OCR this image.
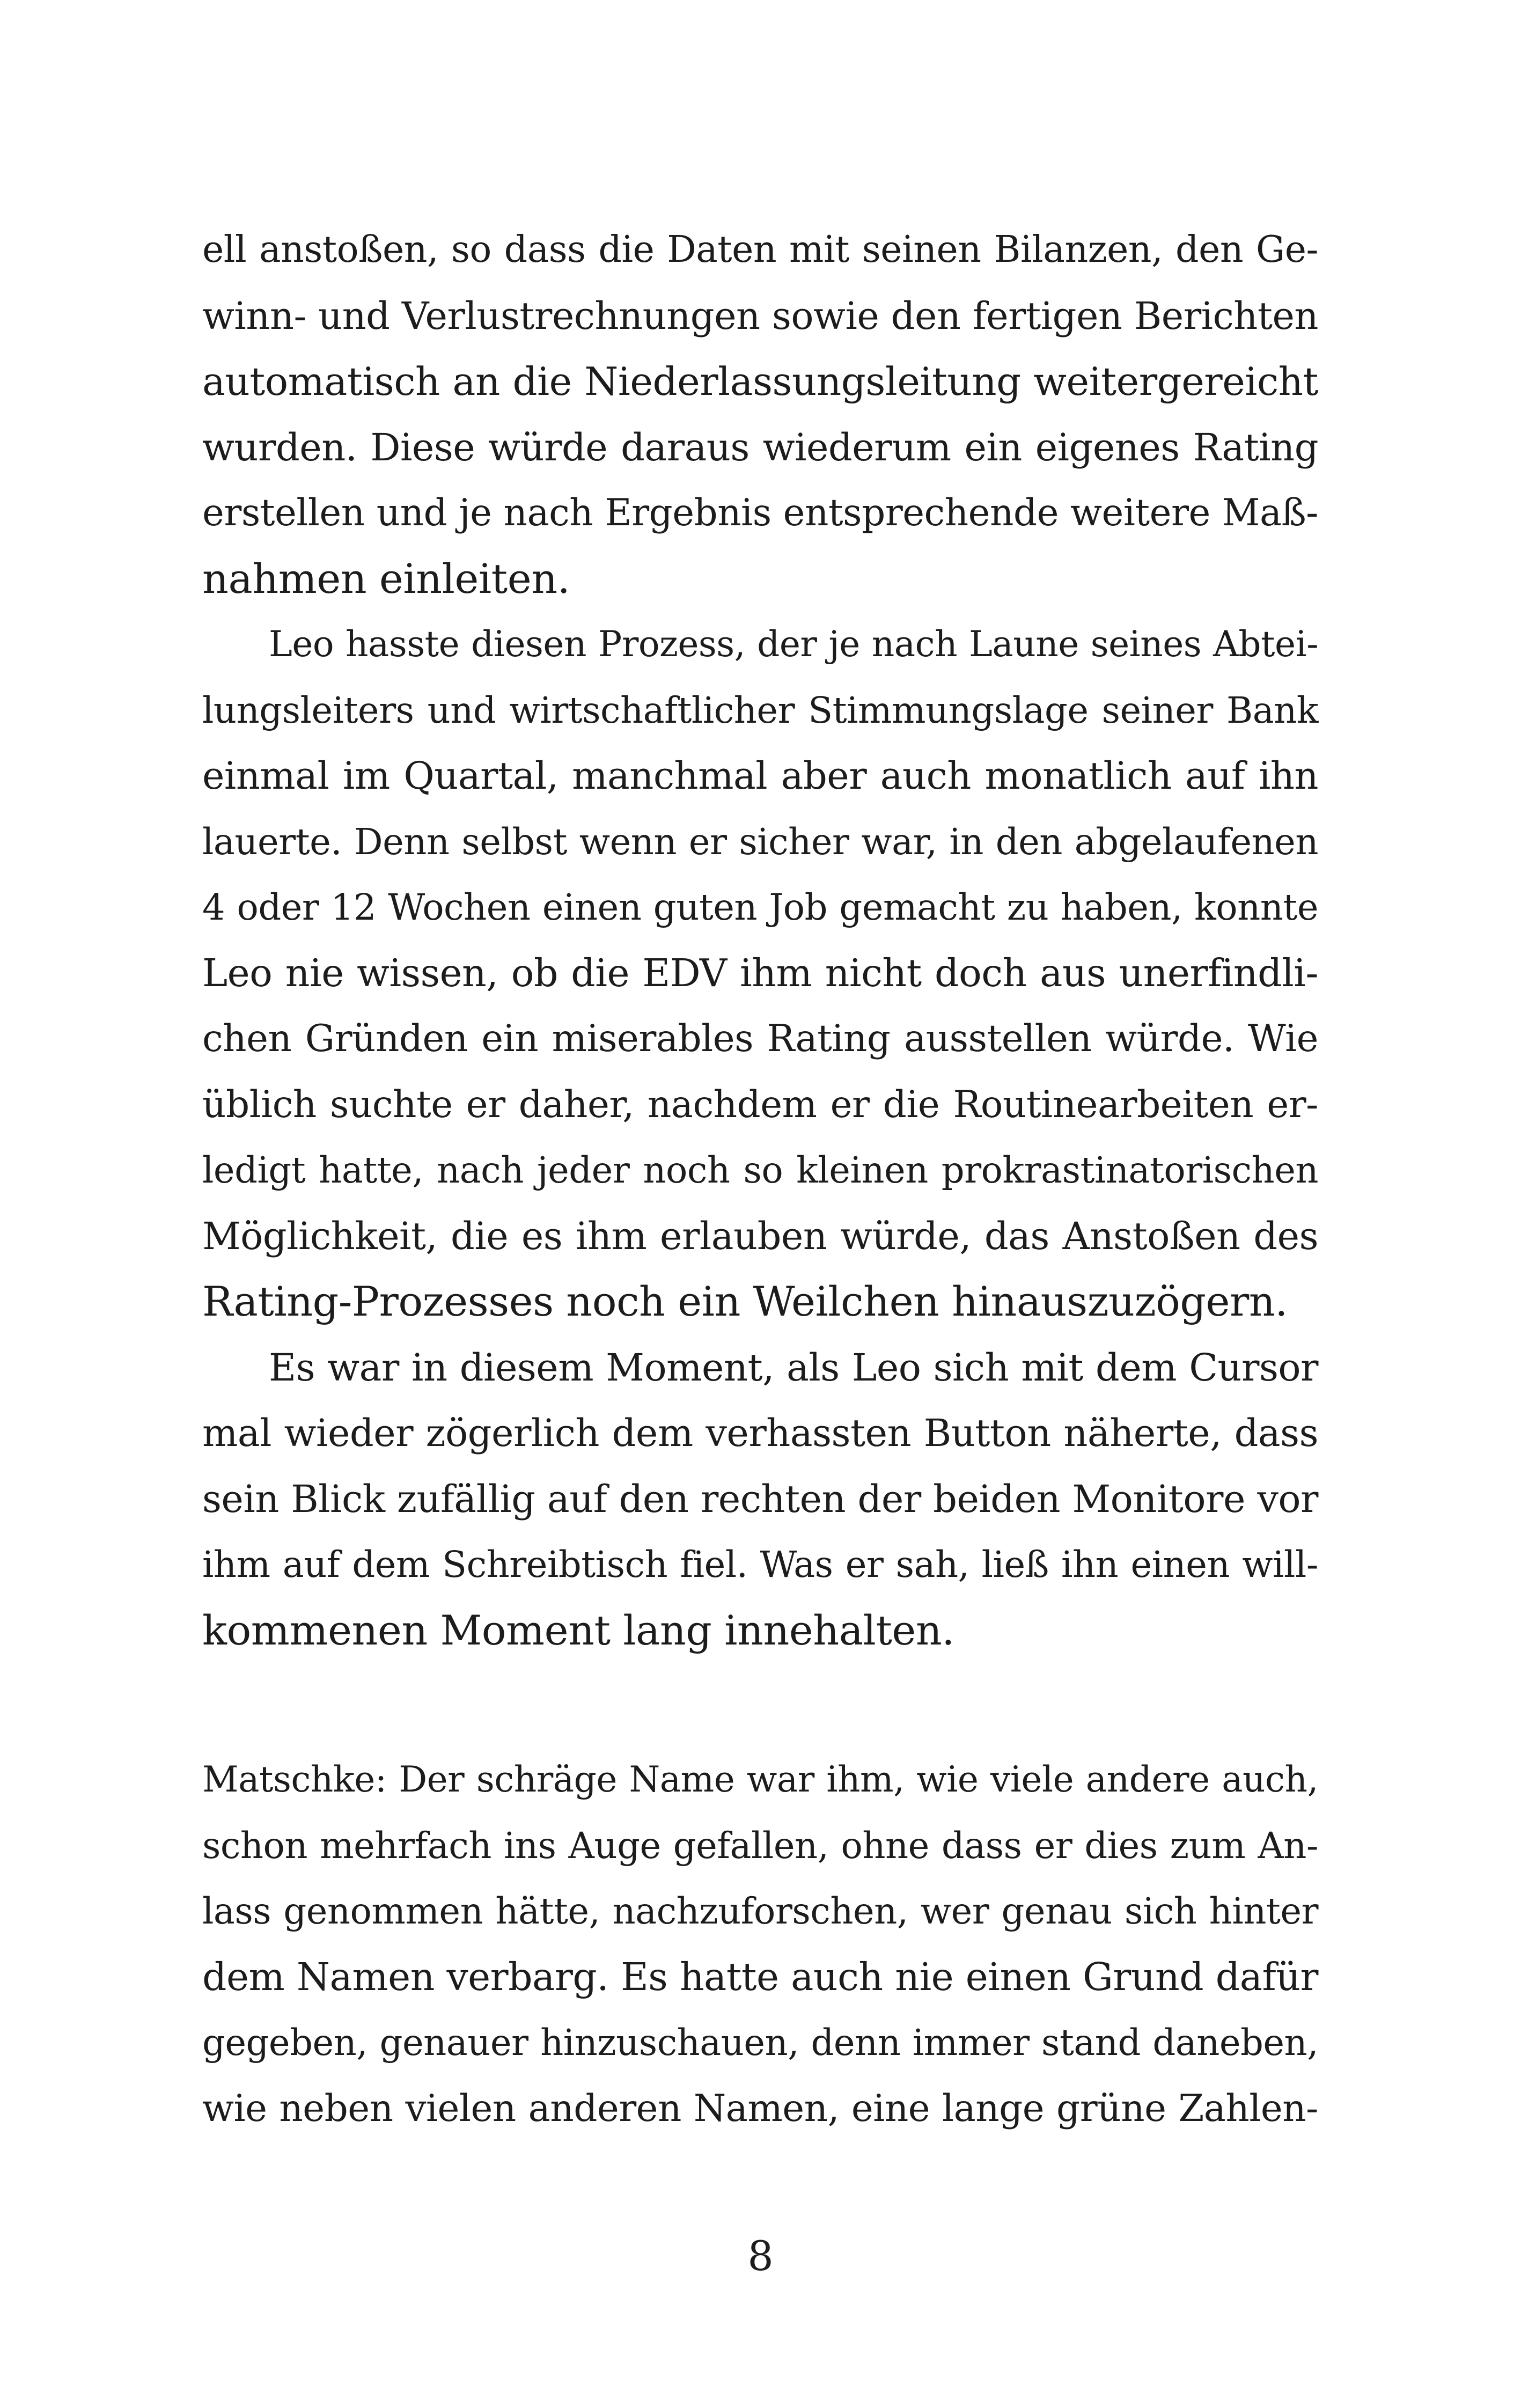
ell anstoßen, so dass die Daten mit seinen Bilanzen, den Ge-
winn- und Verlustrechnungen sowie den fertigen Berichten
automatisch an die Niederlassungsleitung weitergereicht
wurden. Diese würde daraus wiederum ein eigenes Rating
erstellen und je nach Ergebnis entsprechende weitere Maß-
nahmen einleiten.
Leo hasste diesen Prozess, der je nach Laune seines Abtei-
lungsleiters und wirtschaftlicher Stimmungslage seiner Bank
einmal im Quartal, manchmal aber auch monatlich auf ihn
lauerte. Denn selbst wenn er sicher war, in den abgelaufenen
4 oder 12 Wochen einen guten Job gemacht zu haben, konnte
Leo nie wissen, ob die EDV ihm nicht doch aus unerfindli-
chen Gründen ein miserables Rating ausstellen würde. Wie
üblich suchte er daher, nachdem er die Routinearbeiten er-
ledigt hatte, nach jeder noch so kleinen prokrastinatorischen
Möglichkeit, die es ihm erlauben würde, das Anstoßen des
Rating-Prozesses noch ein Weilchen hinauszuzögern.
Es war in diesem Moment, als Leo sich mit dem Cursor
mal wieder zögerlich dem verhassten Button näherte, dass
sein Blick zufällig auf den rechten der beiden Monitore vor
ihm auf dem Schreibtisch fiel. Was er sah, ließ ihn einen will-
kommenen Moment lang innehalten.
Matschke: Der schräge Name war ihm, wie viele andere auch,
schon mehrfach ins Auge gefallen, ohne dass er dies zum An-
lass genommen hätte, nachzuforschen, wer genau sich hinter
dem Namen verbarg. Es hatte auch nie einen Grund dafür
gegeben, genauer hinzuschauen, denn immer stand daneben,
wie neben vielen anderen Namen, eine lange grüne Zahlen-
8
